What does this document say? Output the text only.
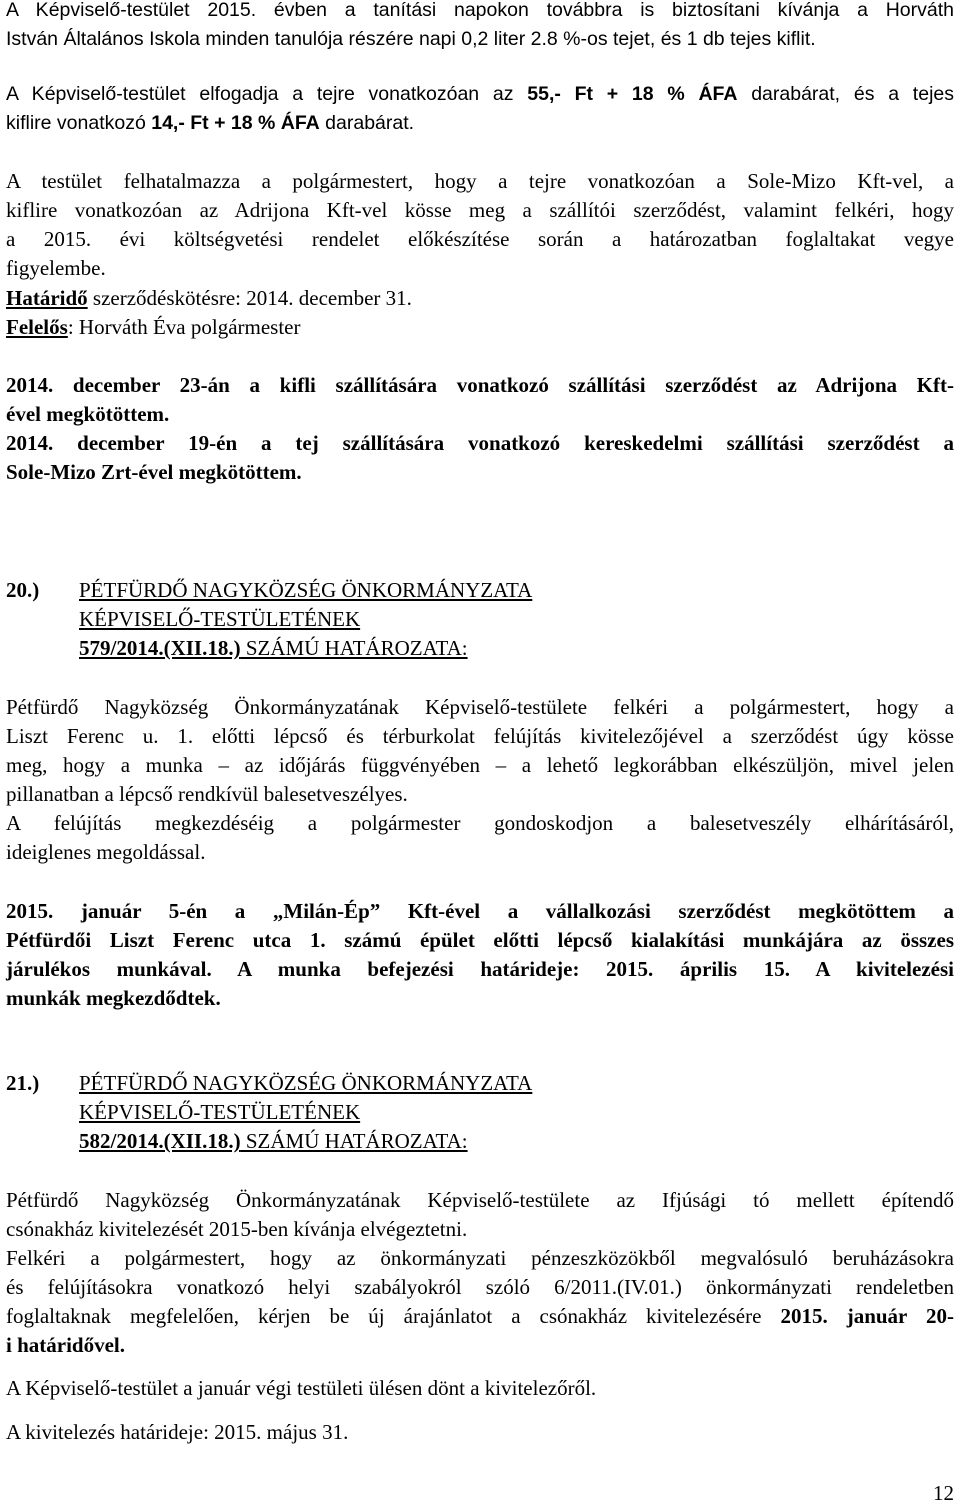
A Képviselő-testület 2015. évben a tanítási napokon továbbra is biztosítani kívánja a Horváth
István Általános Iskola minden tanulója részére napi 0,2 liter 2.8 %-os tejet, és 1 db tejes kiflit.

A Képviselő-testület elfogadja a tejre vonatkozóan az 55,- Ft + 18 % ÁFA darabárat, és a tejes
kiflire vonatkozó 14,- Ft + 18 % ÁFA darabárat.

A testület felhatalmazza a polgármestert, hogy a tejre vonatkozóan a Sole-Mizo Kft-vel, a
kiflire vonatkozóan az Adrijona Kft-vel kösse meg a szállítói szerződést, valamint felkéri, hogy
a 2015. évi költségvetési rendelet előkészítése során a határozatban foglaltakat vegye
figyelembe.

Határidő szerződéskötésre: 2014. december 31.

Felelős: Horváth Éva polgármester

2014. december 23-án a kifli szállítására vonatkozó szállítási szerződést az Adrijona Kft-
ével megkötöttem.

2014. december 19-én a tej szállítására vonatkozó kereskedelmi szállítási szerződést a
Sole-Mizo Zrt-ével megkötöttem.

20.) PÉTFÜRDŐ NAGYKÖZSÉG ÖNKORMÁNYZATA
KÉPVISELŐ-TESTÜLETÉNEK
579/2014.(XII.18.) SZÁMÚ HATÁROZATA:

Pétfürdő Nagyközség Önkormányzatának Képviselő-testülete felkéri a polgármestert, hogy a
Liszt Ferenc u. 1. előtti lépcső és térburkolat felújítás kivitelezőjével a szerződést úgy kösse
meg, hogy a munka – az időjárás függvényében – a lehető legkorábban elkészüljön, mivel jelen
pillanatban a lépcső rendkívül balesetveszélyes.

A felújítás megkezdéséig a polgármester gondoskodjon a balesetveszély elhárításáról,
ideiglenes megoldással.

2015. január 5-én a „Milán-Ép” Kft-ével a vállalkozási szerződést megkötöttem a
Pétfürdői Liszt Ferenc utca 1. számú épület előtti lépcső kialakítási munkájára az összes
járulékos munkával. A munka befejezési határideje: 2015. április 15. A kivitelezési
munkák megkezdődtek.

21.) PÉTFÜRDŐ NAGYKÖZSÉG ÖNKORMÁNYZATA
KÉPVISELŐ-TESTÜLETÉNEK
582/2014.(XII.18.) SZÁMÚ HATÁROZATA:

Pétfürdő Nagyközség Önkormányzatának Képviselő-testülete az Ifjúsági tó mellett építendő
csónakház kivitelezését 2015-ben kívánja elvégeztetni.

Felkéri a polgármestert, hogy az önkormányzati pénzeszközökből megvalósuló beruházásokra
és felújításokra vonatkozó helyi szabályokról szóló 6/2011.(IV.01.) önkormányzati rendeletben
foglaltaknak megfelelően, kérjen be új árajánlatot a csónakház kivitelezésére 2015. január 20-
i határidővel.

A Képviselő-testület a január végi testületi ülésen dönt a kivitelezőről.

A kivitelezés határideje: 2015. május 31.

12
